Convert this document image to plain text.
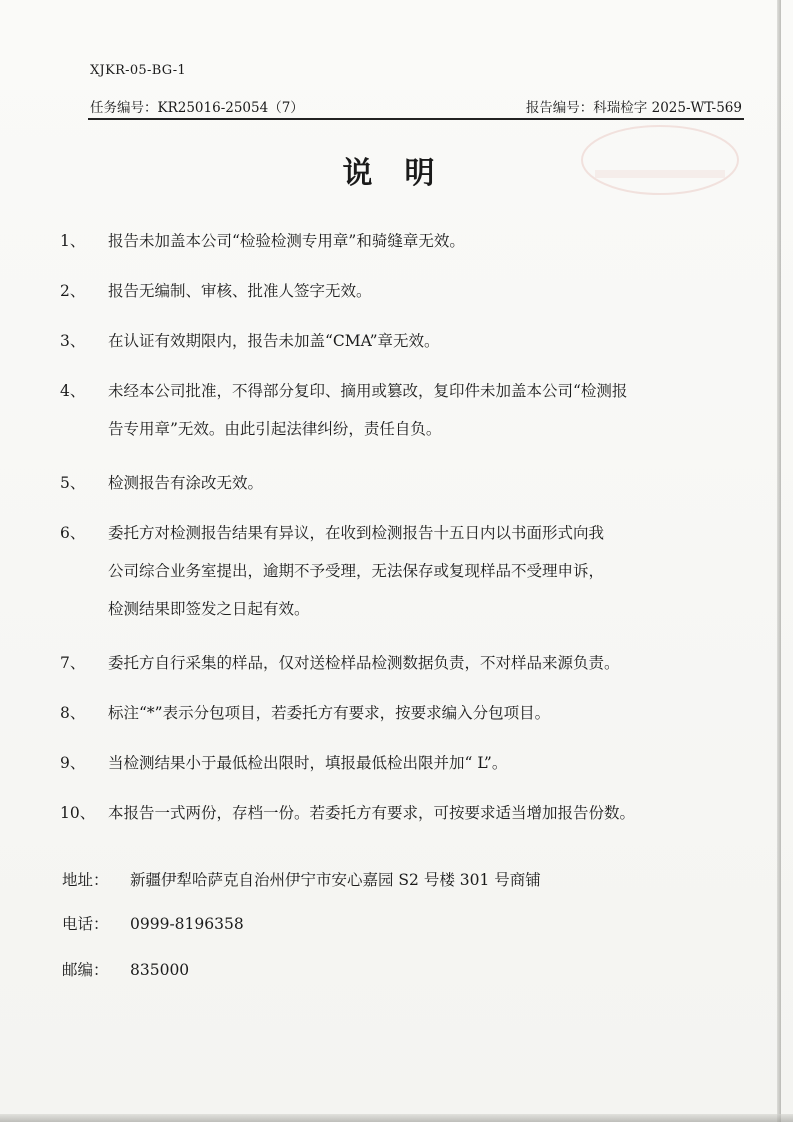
XJKR-05-BG-1
任务编号：KR25016-25054（7）	报告编号：科瑞检字 2025-WT-569
说明
1、	报告未加盖本公司“检验检测专用章”和骑缝章无效。
2、	报告无编制、审核、批准人签字无效。
3、	在认证有效期限内，报告未加盖“CMA”章无效。
4、	未经本公司批准，不得部分复印、摘用或篡改，复印件未加盖本公司“检测报
告专用章”无效。由此引起法律纠纷，责任自负。
5、	检测报告有涂改无效。
6、	委托方对检测报告结果有异议，在收到检测报告十五日内以书面形式向我
公司综合业务室提出，逾期不予受理，无法保存或复现样品不受理申诉，
检测结果即签发之日起有效。
7、	委托方自行采集的样品，仅对送检样品检测数据负责，不对样品来源负责。
8、	标注“*”表示分包项目，若委托方有要求，按要求编入分包项目。
9、	当检测结果小于最低检出限时，填报最低检出限并加“ L”。
10、 本报告一式两份，存档一份。若委托方有要求，可按要求适当增加报告份数。
地址： 新疆伊犁哈萨克自治州伊宁市安心嘉园 S2 号楼 301 号商铺
电话： 0999-8196358
邮编： 835000
